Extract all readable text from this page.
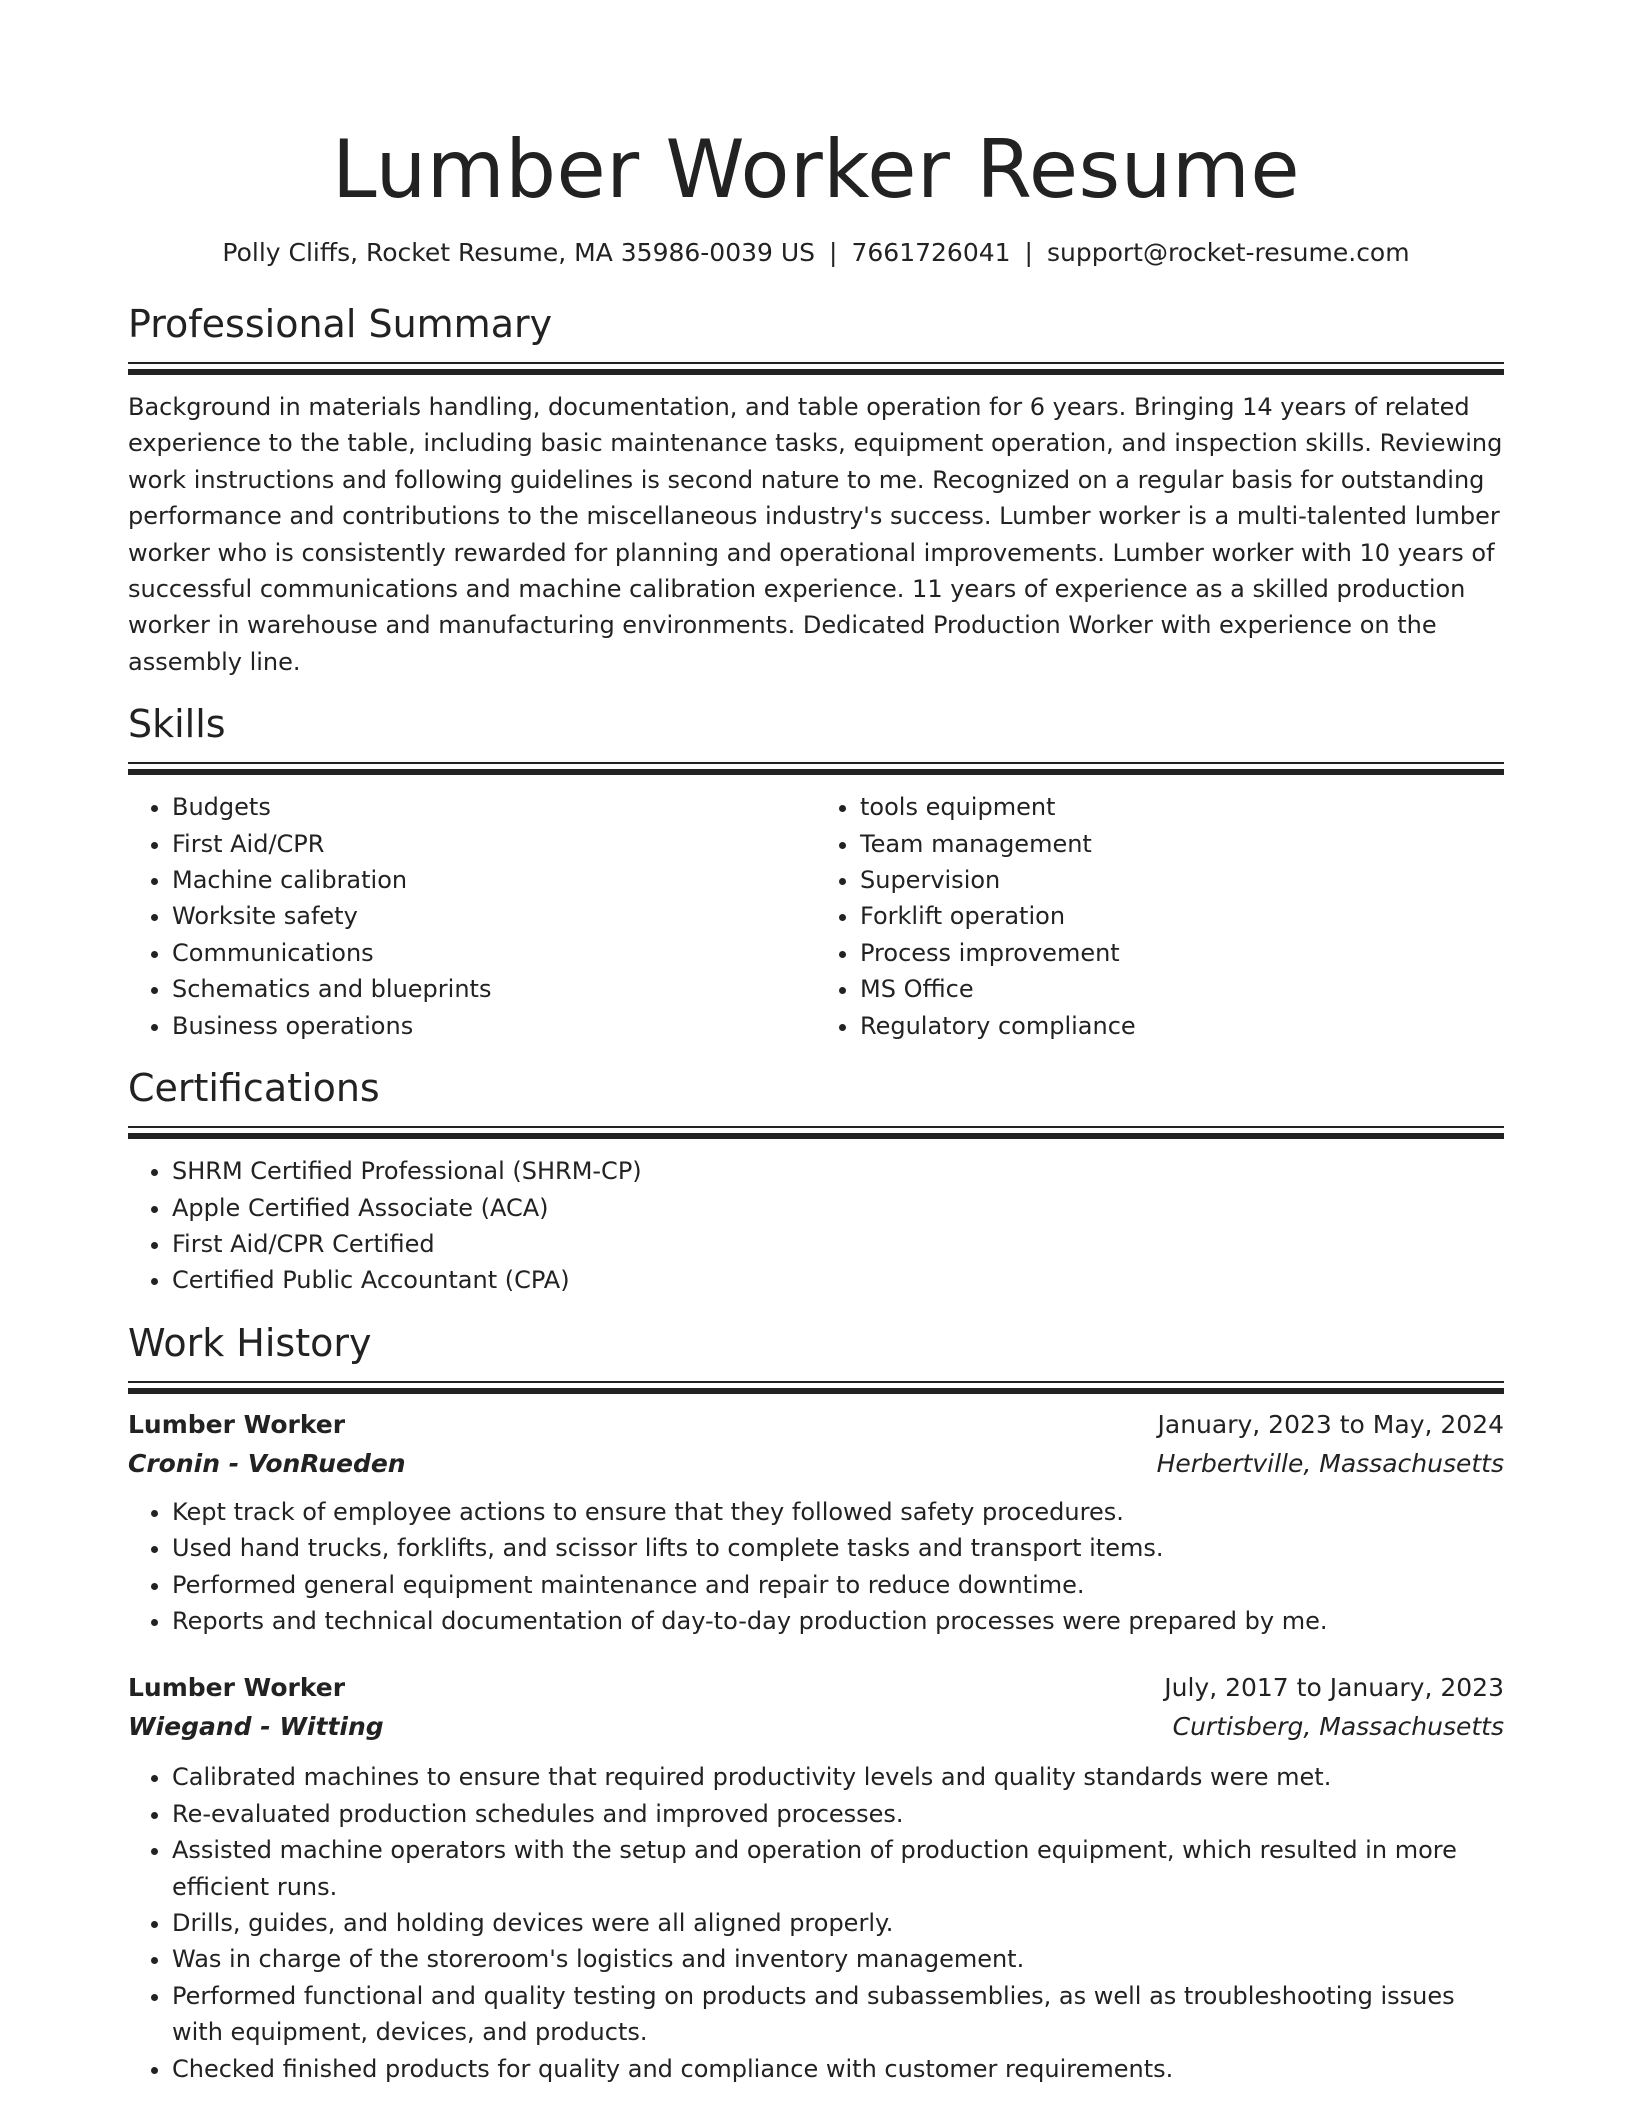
Lumber Worker Resume
Polly Cliffs, Rocket Resume, MA 35986-0039 US | 7661726041 | support@rocket-resume.com
Professional Summary

Background in materials handling, documentation, and table operation for 6 years. Bringing 14 years of related experience to the table, including basic maintenance tasks, equipment operation, and inspection skills. Reviewing work instructions and following guidelines is second nature to me. Recognized on a regular basis for outstanding performance and contributions to the miscellaneous industry's success. Lumber worker is a multi-talented lumber worker who is consistently rewarded for planning and operational improvements. Lumber worker with 10 years of successful communications and machine calibration experience. 11 years of experience as a skilled production worker in warehouse and manufacturing environments. Dedicated Production Worker with experience on the assembly line.

Skills
• Budgets
• First Aid/CPR
• Machine calibration
• Worksite safety
• Communications
• Schematics and blueprints
• Business operations
• tools equipment
• Team management
• Supervision
• Forklift operation
• Process improvement
• MS Office
• Regulatory compliance
Certifications
• SHRM Certified Professional (SHRM-CP)
• Apple Certified Associate (ACA)
• First Aid/CPR Certified
• Certified Public Accountant (CPA)
Work History
Lumber Worker	January, 2023 to May, 2024
Cronin - VonRueden	Herbertville, Massachusetts
• Kept track of employee actions to ensure that they followed safety procedures.
• Used hand trucks, forklifts, and scissor lifts to complete tasks and transport items.
• Performed general equipment maintenance and repair to reduce downtime.
• Reports and technical documentation of day-to-day production processes were prepared by me.
Lumber Worker	July, 2017 to January, 2023
Wiegand - Witting	Curtisberg, Massachusetts
• Calibrated machines to ensure that required productivity levels and quality standards were met.
• Re-evaluated production schedules and improved processes.
• Assisted machine operators with the setup and operation of production equipment, which resulted in more efficient runs.
• Drills, guides, and holding devices were all aligned properly.
• Was in charge of the storeroom's logistics and inventory management.
• Performed functional and quality testing on products and subassemblies, as well as troubleshooting issues with equipment, devices, and products.
• Checked finished products for quality and compliance with customer requirements.
